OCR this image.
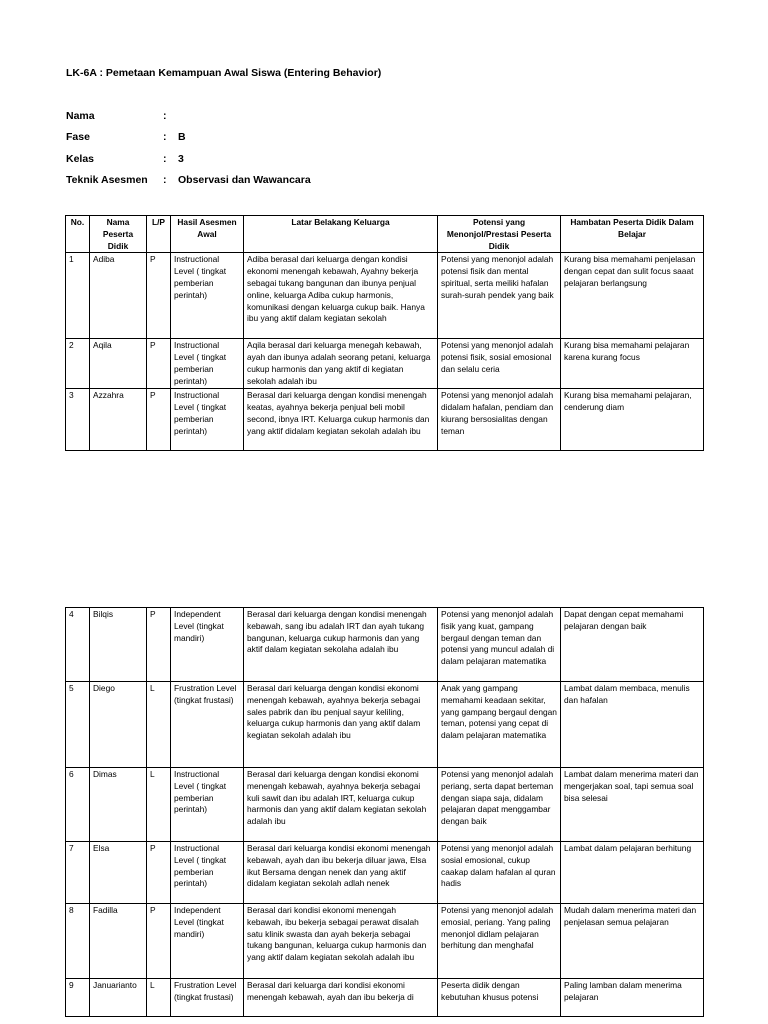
LK-6A : Pemetaan Kemampuan Awal Siswa (Entering Behavior)
Nama	:
Fase	: B
Kelas	: 3
Teknik Asesmen : Observasi dan Wawancara
No.	Nama Peserta Didik	L/P	Hasil Asesmen Awal	Latar Belakang Keluarga	Potensi yang Menonjol/Prestasi Peserta Didik	Hambatan Peserta Didik Dalam Belajar
1	Adiba	P	Instructional Level ( tingkat pemberian perintah)	Adiba berasal dari keluarga dengan kondisi ekonomi menengah kebawah, Ayahny bekerja sebagai tukang bangunan dan ibunya penjual online, keluarga Adiba cukup harmonis, komunikasi dengan keluarga cukup baik. Hanya ibu yang aktif dalam kegiatan sekolah	Potensi yang menonjol adalah potensi fisik dan mental spiritual, serta meiliki hafalan surah-surah pendek yang baik	Kurang bisa memahami penjelasan dengan cepat dan sulit focus saaat pelajaran berlangsung
2	Aqila	P	Instructional Level ( tingkat pemberian perintah)	Aqila berasal dari keluarga menegah kebawah, ayah dan ibunya adalah seorang petani, keluarga cukup harmonis dan yang aktif di kegiatan sekolah adalah ibu	Potensi yang menonjol adalah potensi fisik, sosial emosional dan selalu ceria	Kurang bisa memahami pelajaran karena kurang focus
3	Azzahra	P	Instructional Level ( tingkat pemberian perintah)	Berasal dari keluarga dengan kondisi menengah keatas, ayahnya bekerja penjual beli mobil second, ibnya IRT. Keluarga cukup harmonis dan yang aktif didalam kegiatan sekolah adalah ibu	Potensi yang menonjol adalah didalam hafalan, pendiam dan kiurang bersosialitas dengan teman	Kurang bisa memahami pelajaran, cenderung diam
4	Bilqis	P	Independent Level (tingkat mandiri)	Berasal dari keluarga dengan kondisi menengah kebawah, sang ibu adalah IRT dan ayah tukang bangunan, keluarga cukup harmonis dan yang aktif dalam kegiatan sekolaha adalah ibu	Potensi yang menonjol adalah fisik yang kuat, gampang bergaul dengan teman dan potensi yang muncul adalah di dalam pelajaran matematika	Dapat dengan cepat memahami pelajaran dengan baik
5	Diego	L	Frustration Level (tingkat frustasi)	Berasal dari keluarga dengan kondisi ekonomi menengah kebawah, ayahnya bekerja sebagai sales pabrik dan ibu penjual sayur keliling, keluarga cukup harmonis dan yang aktif dalam kegiatan sekolah adalah ibu	Anak yang gampang memahami keadaan sekitar, yang gampang bergaul dengan teman, potensi yang cepat di dalam pelajaran matematika	Lambat dalam membaca, menulis dan hafalan
6	Dimas	L	Instructional Level ( tingkat pemberian perintah)	Berasal dari keluarga dengan kondisi ekonomi menengah kebawah, ayahnya bekerja sebagai kuli sawit dan ibu adalah IRT, keluarga cukup harmonis dan yang aktif dalam kegiatan sekolah adalah ibu	Potensi yang menonjol adalah periang, serta dapat berteman dengan siapa saja, didalam pelajaran dapat menggambar dengan baik	Lambat dalam menerima materi dan mengerjakan soal, tapi semua soal bisa selesai
7	Elsa	P	Instructional Level ( tingkat pemberian perintah)	Berasal dari keluarga kondisi ekonomi menengah kebawah, ayah dan ibu bekerja diluar jawa, Elsa ikut Bersama dengan nenek dan yang aktif didalam kegiatan sekolah adlah nenek	Potensi yang menonjol adalah sosial emosional, cukup caakap dalam hafalan al quran hadis	Lambat dalam pelajaran berhitung
8	Fadilla	P	Independent Level (tingkat mandiri)	Berasal dari kondisi ekonomi menengah kebawah, ibu bekerja sebagai perawat disalah satu klinik swasta dan ayah bekerja sebagai tukang bangunan, keluarga cukup harmonis dan yang aktif dalam kegiatan sekolah adalah ibu	Potensi yang menonjol adalah emosial, periang. Yang paling menonjol didlam pelajaran berhitung dan menghafal	Mudah dalam menerima materi dan penjelasan semua pelajaran
9	Januarianto	L	Frustration Level (tingkat frustasi)	Berasal dari keluarga dari kondisi ekonomi menengah kebawah, ayah dan ibu bekerja di	Peserta didik dengan kebutuhan khusus potensi	Paling lamban dalam menerima pelajaran
